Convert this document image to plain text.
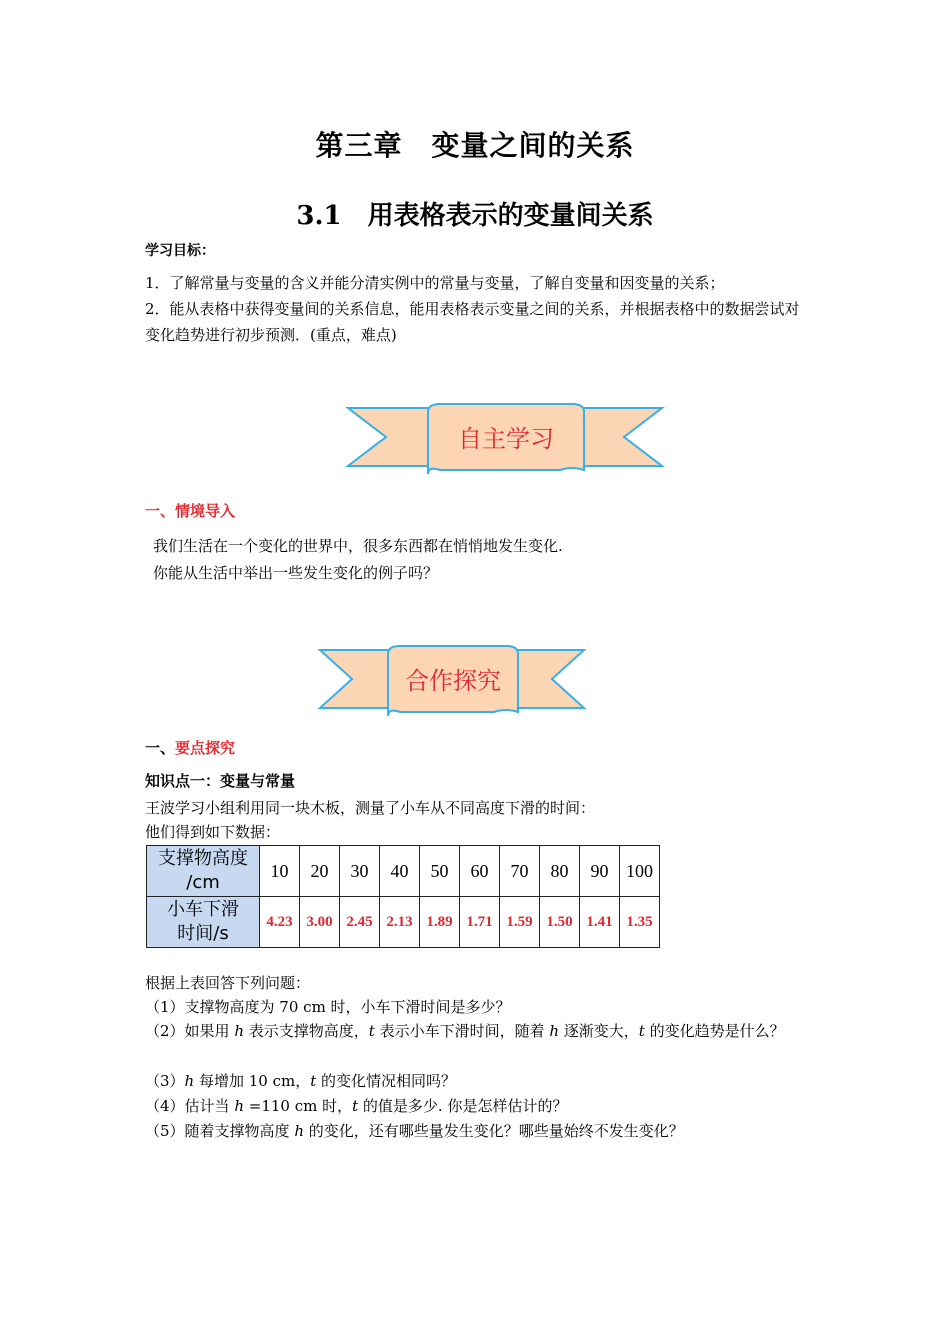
第三章　变量之间的关系
3.1　用表格表示的变量间关系
学习目标：
1．了解常量与变量的含义并能分清实例中的常量与变量，了解自变量和因变量的关系；
2．能从表格中获得变量间的关系信息，能用表格表示变量之间的关系，并根据表格中的数据尝试对变化趋势进行初步预测．(重点，难点)
自主学习
一、情境导入
我们生活在一个变化的世界中，很多东西都在悄悄地发生变化.
你能从生活中举出一些发生变化的例子吗？
合作探究
一、要点探究
知识点一：变量与常量
王波学习小组利用同一块木板，测量了小车从不同高度下滑的时间：
他们得到如下数据：
支撑物高度
/cm	10	20	30	40	50	60	70	80	90	100
小车下滑
时间/s	4.23	3.00	2.45	2.13	1.89	1.71	1.59	1.50	1.41	1.35
根据上表回答下列问题：
（1）支撑物高度为 70 cm 时，小车下滑时间是多少？
（2）如果用 h 表示支撑物高度，t 表示小车下滑时间，随着 h 逐渐变大，t 的变化趋势是什么？
（3）h 每增加 10 cm，t 的变化情况相同吗？
（4）估计当 h =110 cm 时，t 的值是多少. 你是怎样估计的？
（5）随着支撑物高度 h 的变化，还有哪些量发生变化？哪些量始终不发生变化？
